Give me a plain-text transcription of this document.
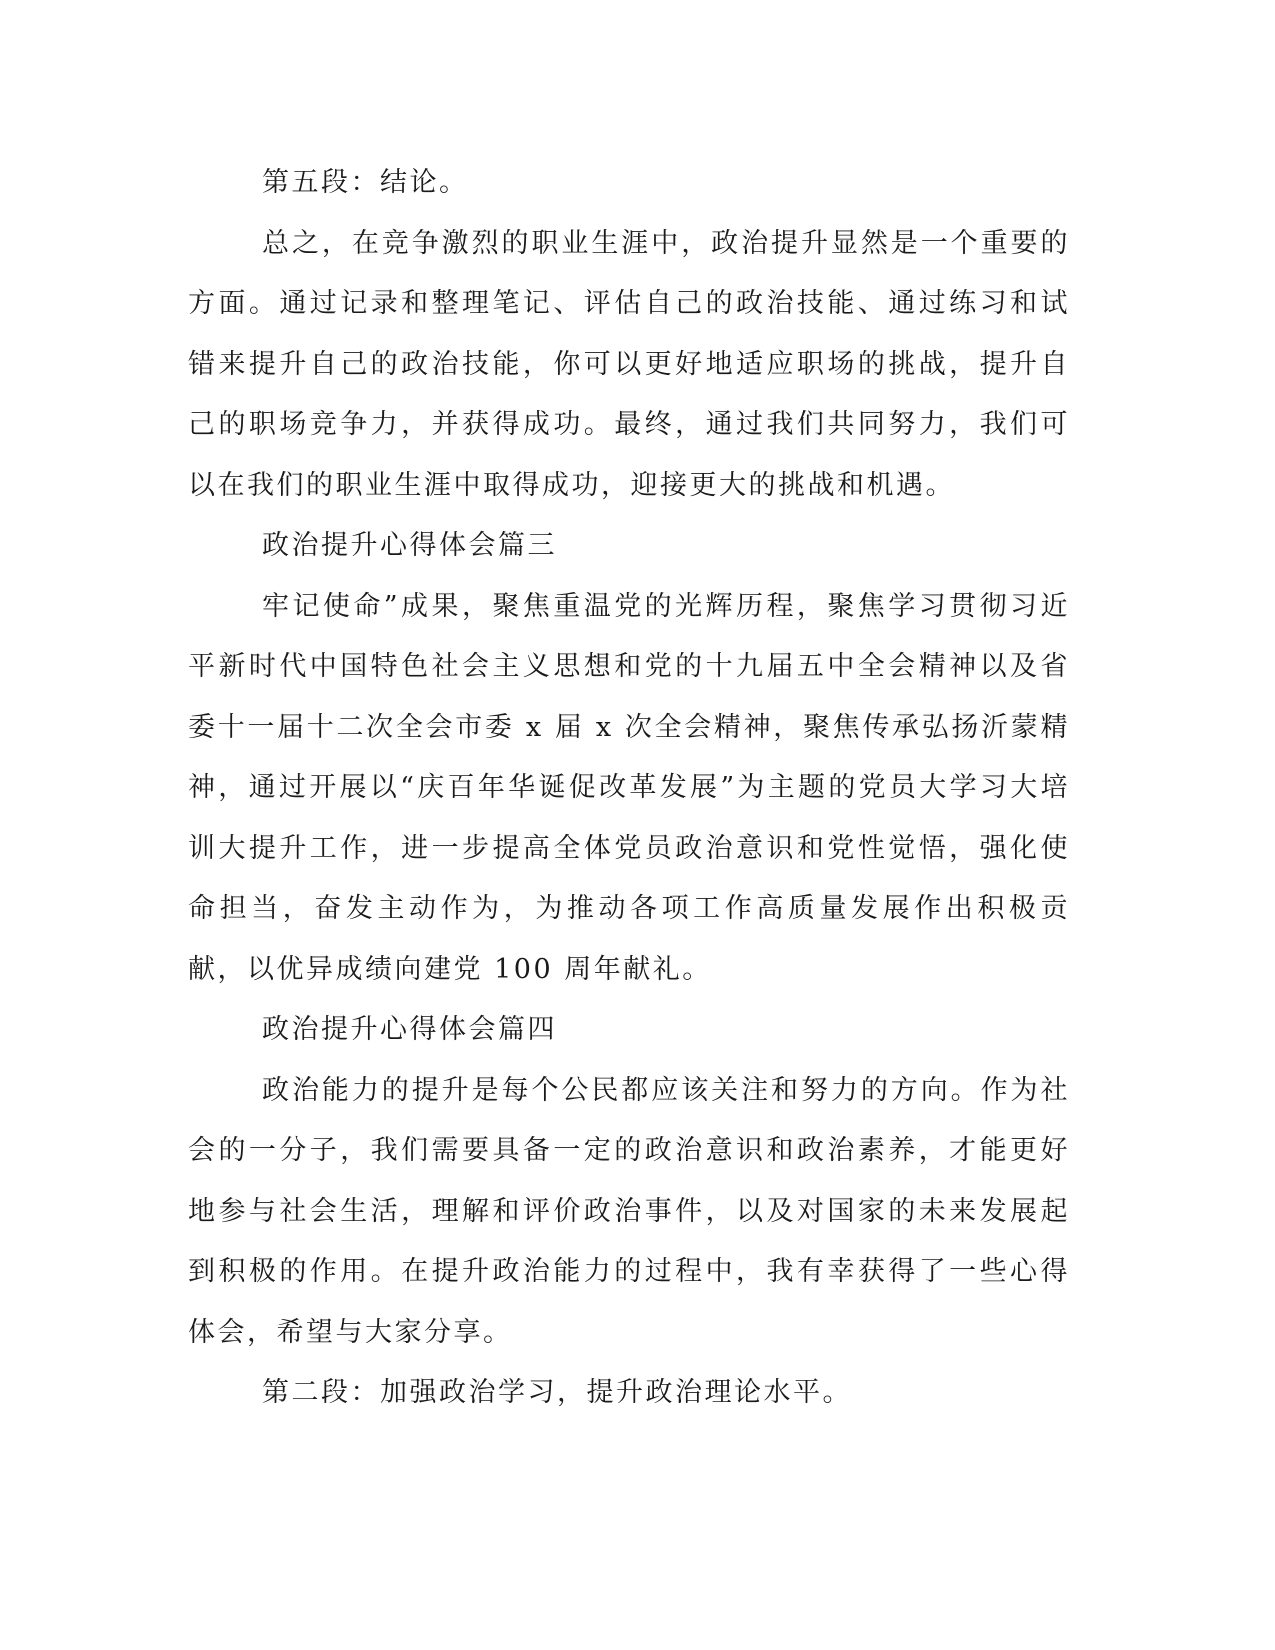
第五段：结论。

总之，在竞争激烈的职业生涯中，政治提升显然是一个重要的方面。通过记录和整理笔记、评估自己的政治技能、通过练习和试错来提升自己的政治技能，你可以更好地适应职场的挑战，提升自己的职场竞争力，并获得成功。最终，通过我们共同努力，我们可以在我们的职业生涯中取得成功，迎接更大的挑战和机遇。

政治提升心得体会篇三

牢记使命”成果，聚焦重温党的光辉历程，聚焦学习贯彻习近平新时代中国特色社会主义思想和党的十九届五中全会精神以及省委十一届十二次全会市委 x 届 x 次全会精神，聚焦传承弘扬沂蒙精神，通过开展以“庆百年华诞促改革发展”为主题的党员大学习大培训大提升工作，进一步提高全体党员政治意识和党性觉悟，强化使命担当，奋发主动作为，为推动各项工作高质量发展作出积极贡献，以优异成绩向建党 100 周年献礼。

政治提升心得体会篇四

政治能力的提升是每个公民都应该关注和努力的方向。作为社会的一分子，我们需要具备一定的政治意识和政治素养，才能更好地参与社会生活，理解和评价政治事件，以及对国家的未来发展起到积极的作用。在提升政治能力的过程中，我有幸获得了一些心得体会，希望与大家分享。

第二段：加强政治学习，提升政治理论水平。
